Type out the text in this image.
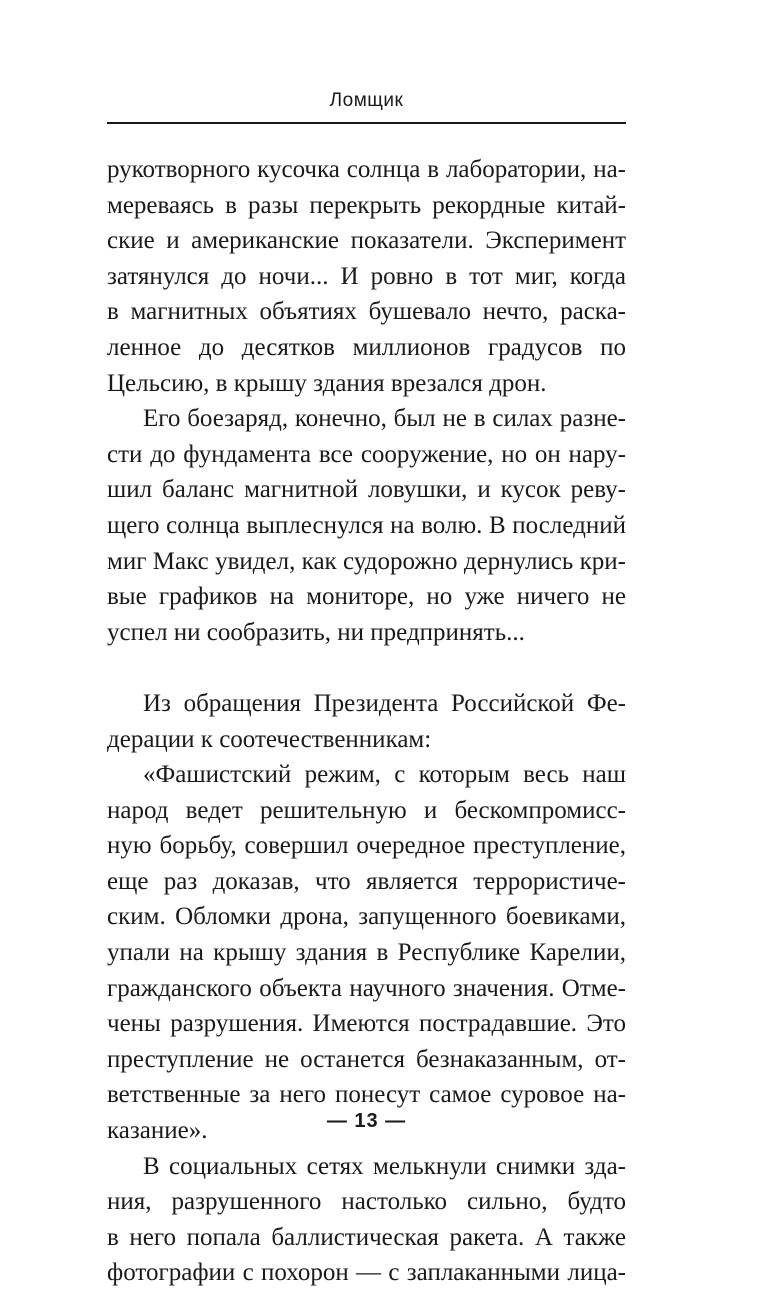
Ломщик
рукотворного кусочка солнца в лаборатории, на-
мереваясь в разы перекрыть рекордные китай-
ские и американские показатели. Эксперимент
затянулся до ночи... И ровно в тот миг, когда
в магнитных объятиях бушевало нечто, раска-
ленное до десятков миллионов градусов по
Цельсию, в крышу здания врезался дрон.
Его боезаряд, конечно, был не в силах разне-
сти до фундамента все сооружение, но он нару-
шил баланс магнитной ловушки, и кусок реву-
щего солнца выплеснулся на волю. В последний
миг Макс увидел, как судорожно дернулись кри-
вые графиков на мониторе, но уже ничего не
успел ни сообразить, ни предпринять...
Из обращения Президента Российской Фе-
дерации к соотечественникам:
«Фашистский режим, с которым весь наш
народ ведет решительную и бескомпромисс-
ную борьбу, совершил очередное преступление,
еще раз доказав, что является террористиче-
ским. Обломки дрона, запущенного боевиками,
упали на крышу здания в Республике Карелии,
гражданского объекта научного значения. Отме-
чены разрушения. Имеются пострадавшие. Это
преступление не останется безнаказанным, от-
ветственные за него понесут самое суровое на-
казание».
В социальных сетях мелькнули снимки зда-
ния, разрушенного настолько сильно, будто
в него попала баллистическая ракета. А также
фотографии с похорон — с заплаканными лица-
— 13 —
